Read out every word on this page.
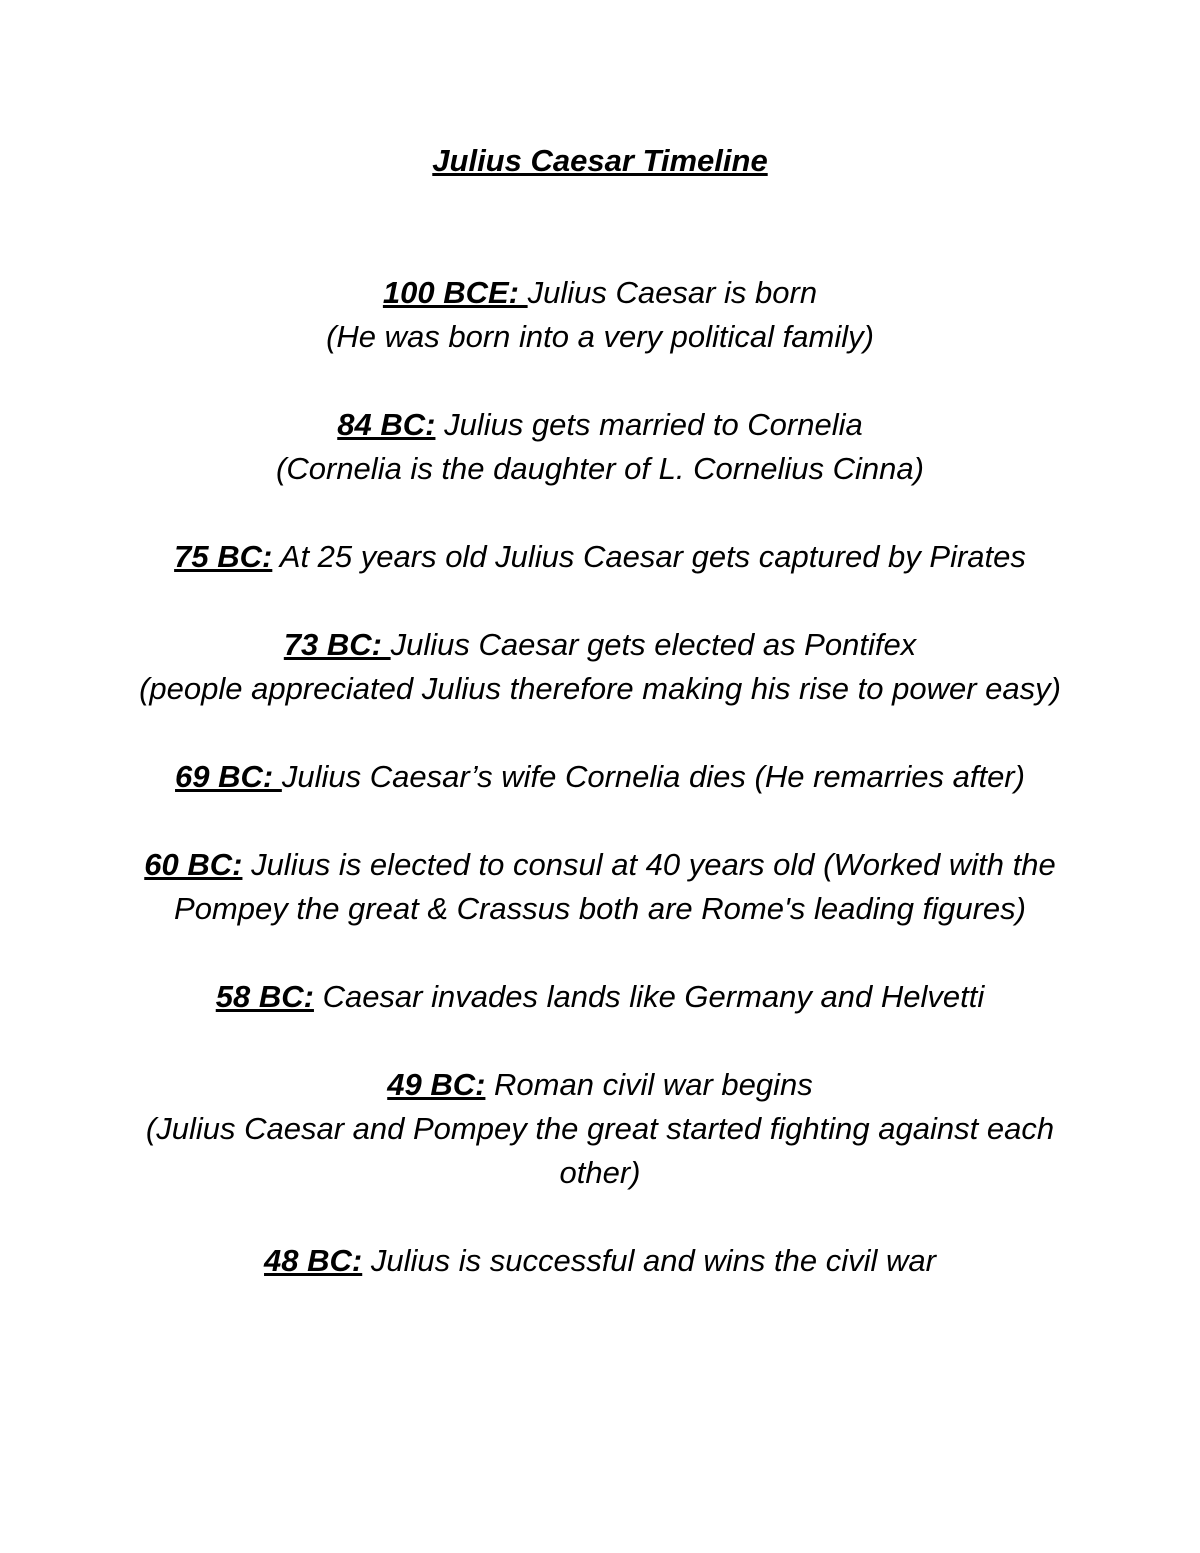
Julius Caesar Timeline

100 BCE: Julius Caesar is born

(He was born into a very political family)

84 BC: Julius gets married to Cornelia

(Cornelia is the daughter of L. Cornelius Cinna)

75 BC: At 25 years old Julius Caesar gets captured by Pirates

73 BC: Julius Caesar gets elected as Pontifex

(people appreciated Julius therefore making his rise to power easy)

69 BC: Julius Caesar’s wife Cornelia dies (He remarries after)

60 BC: Julius is elected to consul at 40 years old (Worked with the Pompey the great & Crassus both are Rome's leading figures)

58 BC: Caesar invades lands like Germany and Helvetti

49 BC: Roman civil war begins

(Julius Caesar and Pompey the great started fighting against each other)

48 BC: Julius is successful and wins the civil war
